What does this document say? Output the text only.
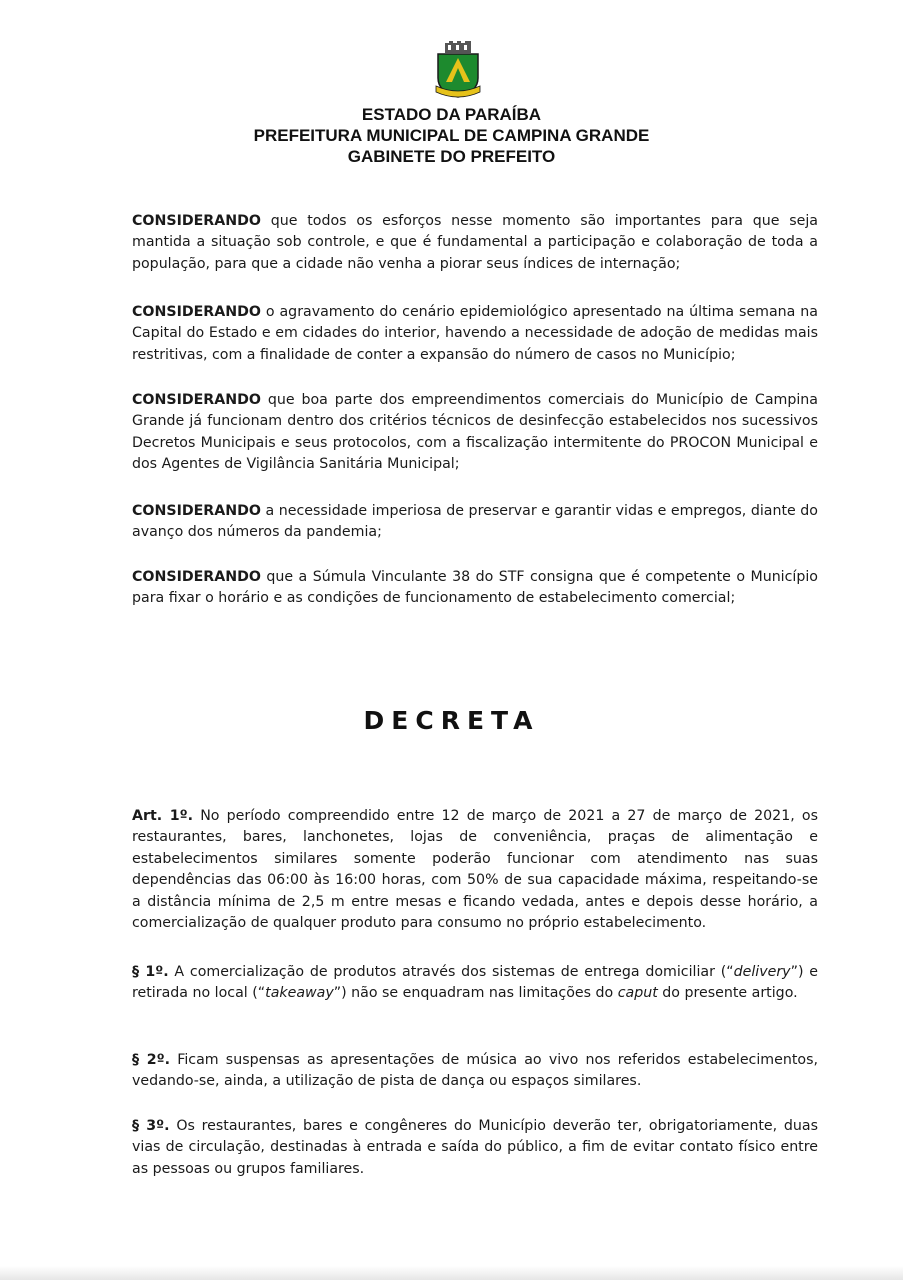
ESTADO DA PARAÍBA
PREFEITURA MUNICIPAL DE CAMPINA GRANDE
GABINETE DO PREFEITO
CONSIDERANDO que todos os esforços nesse momento são importantes para que seja mantida a situação sob controle, e que é fundamental a participação e colaboração de toda a população, para que a cidade não venha a piorar seus índices de internação;
CONSIDERANDO o agravamento do cenário epidemiológico apresentado na última semana na Capital do Estado e em cidades do interior, havendo a necessidade de adoção de medidas mais restritivas, com a finalidade de conter a expansão do número de casos no Município;
CONSIDERANDO que boa parte dos empreendimentos comerciais do Município de Campina Grande já funcionam dentro dos critérios técnicos de desinfecção estabelecidos nos sucessivos Decretos Municipais e seus protocolos, com a fiscalização intermitente do PROCON Municipal e dos Agentes de Vigilância Sanitária Municipal;
CONSIDERANDO a necessidade imperiosa de preservar e garantir vidas e empregos, diante do avanço dos números da pandemia;
CONSIDERANDO que a Súmula Vinculante 38 do STF consigna que é competente o Município para fixar o horário e as condições de funcionamento de estabelecimento comercial;
DECRETA
Art. 1º. No período compreendido entre 12 de março de 2021 a 27 de março de 2021, os restaurantes, bares, lanchonetes, lojas de conveniência, praças de alimentação e estabelecimentos similares somente poderão funcionar com atendimento nas suas dependências das 06:00 às 16:00 horas, com 50% de sua capacidade máxima, respeitando-se a distância mínima de 2,5 m entre mesas e ficando vedada, antes e depois desse horário, a comercialização de qualquer produto para consumo no próprio estabelecimento.
§ 1º. A comercialização de produtos através dos sistemas de entrega domiciliar (“delivery”) e retirada no local (“takeaway”) não se enquadram nas limitações do caput do presente artigo.
§ 2º. Ficam suspensas as apresentações de música ao vivo nos referidos estabelecimentos, vedando-se, ainda, a utilização de pista de dança ou espaços similares.
§ 3º. Os restaurantes, bares e congêneres do Município deverão ter, obrigatoriamente, duas vias de circulação, destinadas à entrada e saída do público, a fim de evitar contato físico entre as pessoas ou grupos familiares.
